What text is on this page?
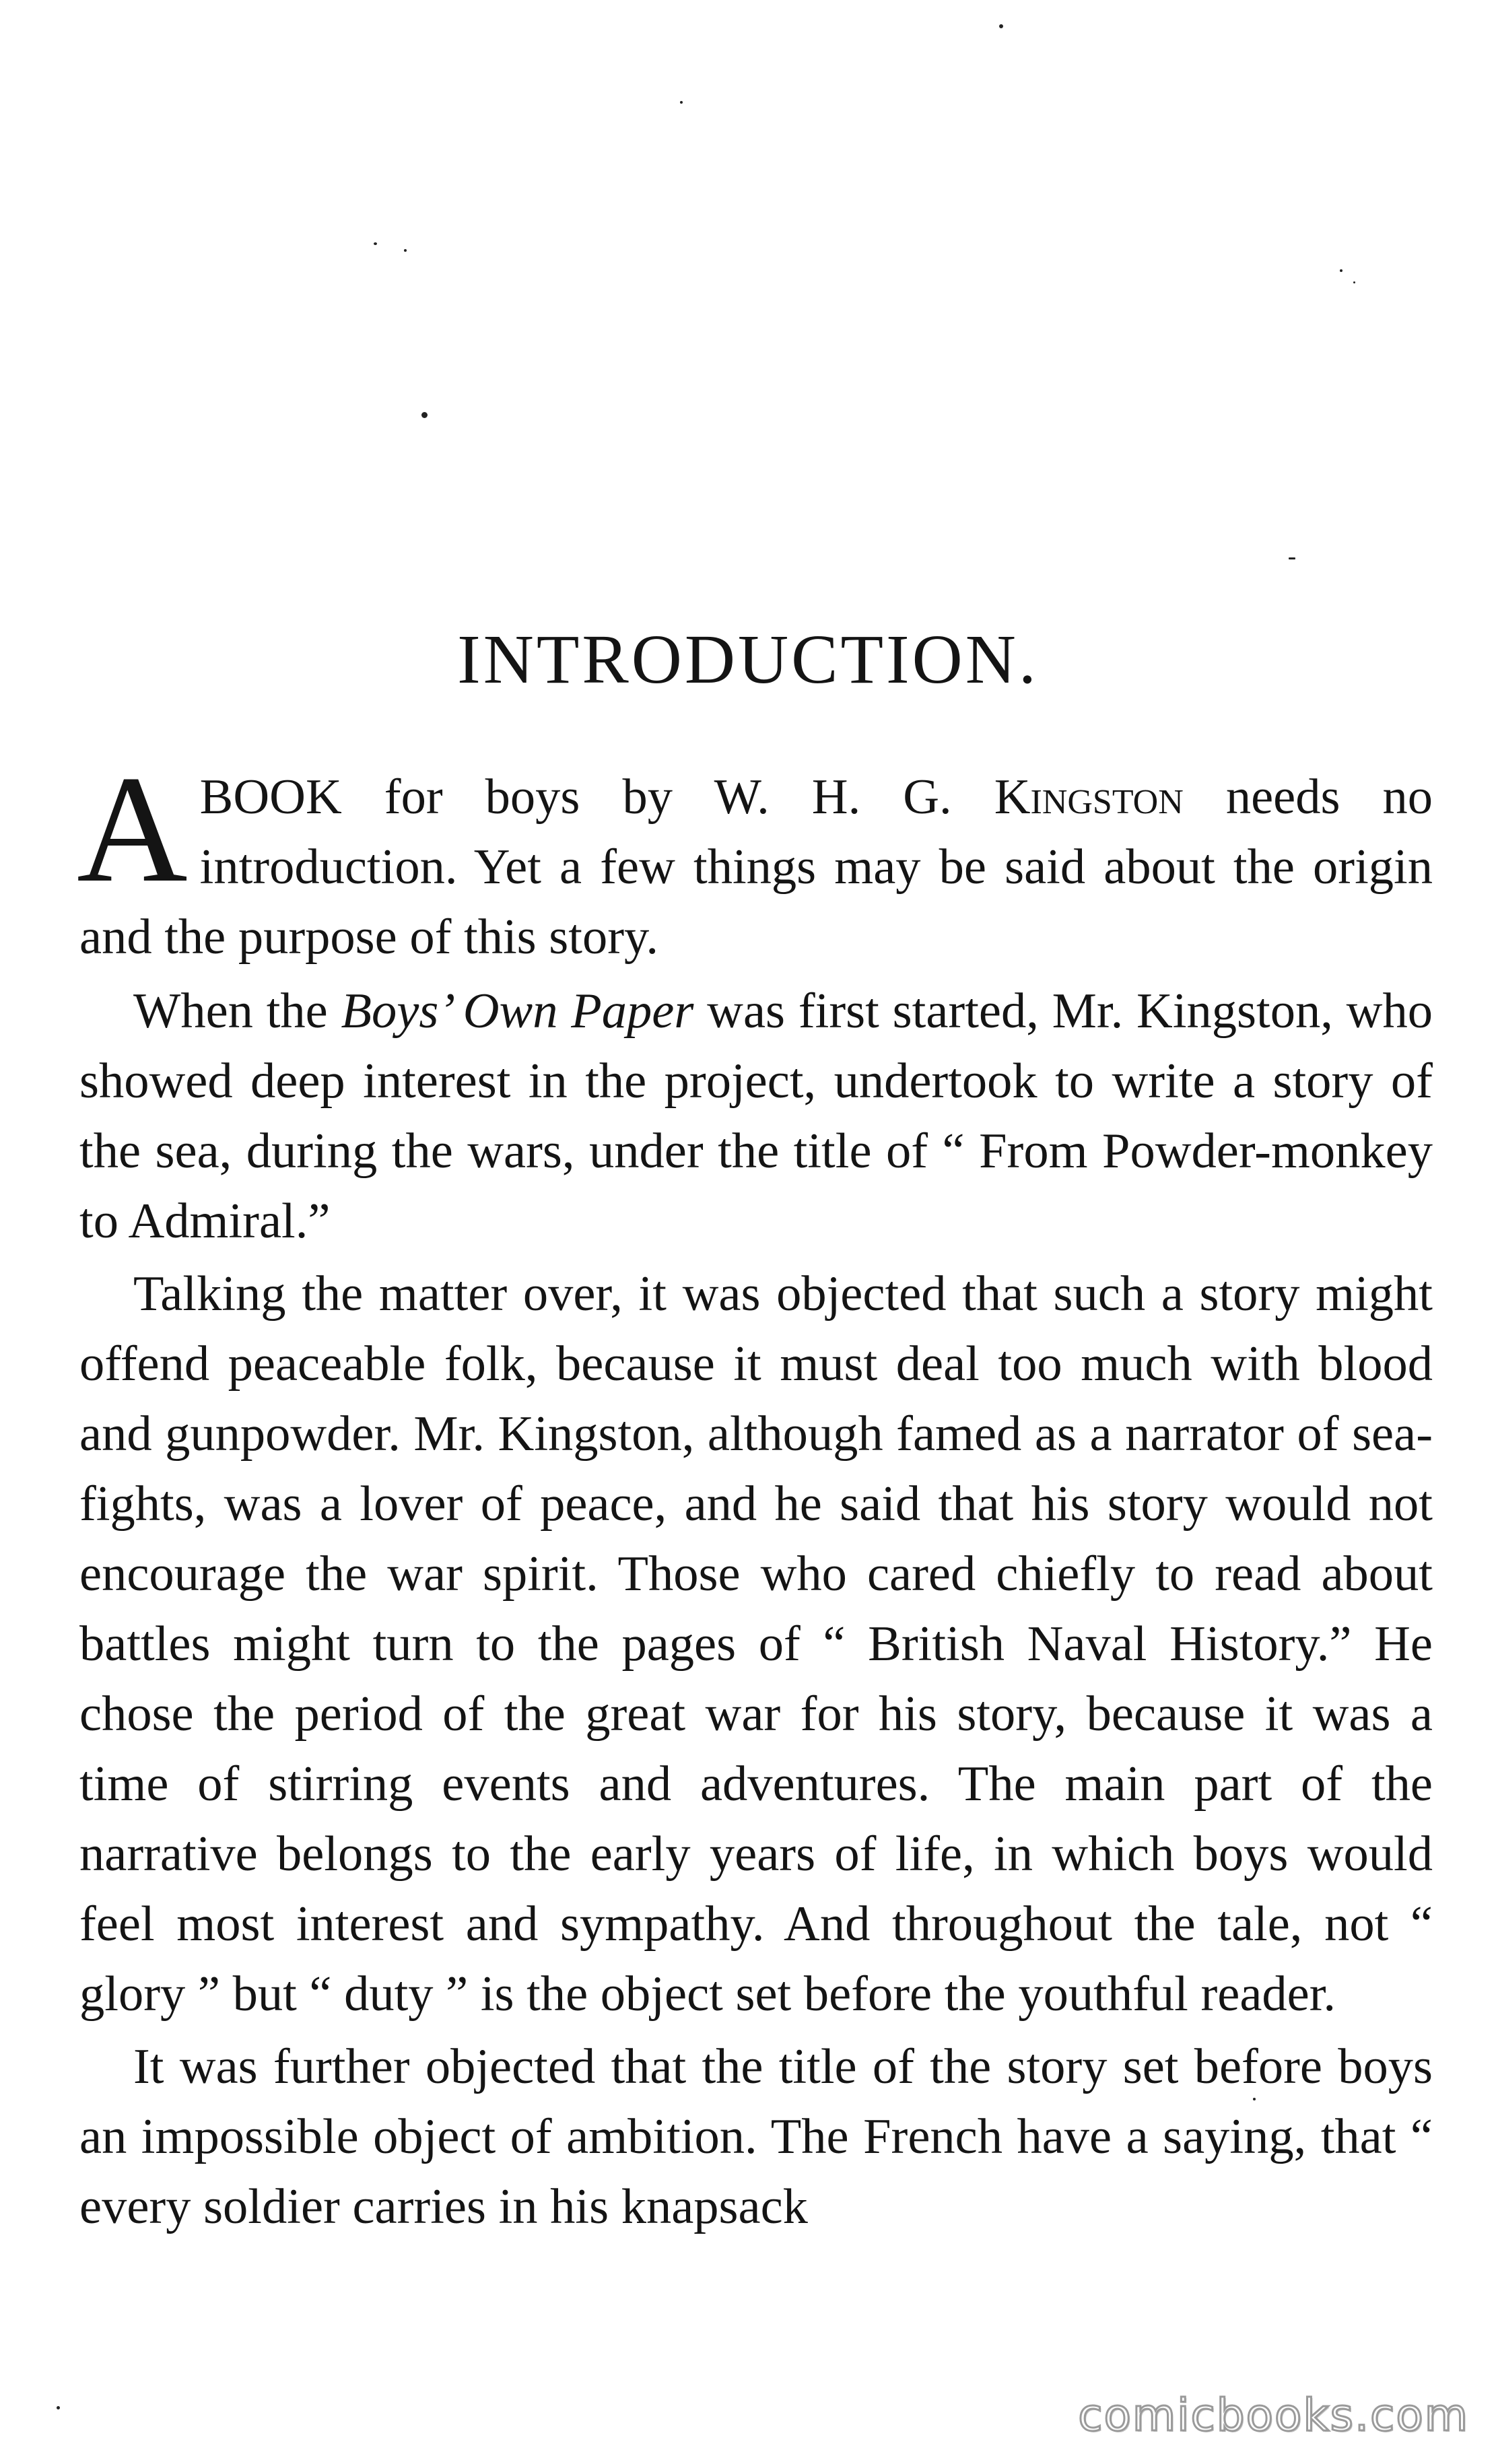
INTRODUCTION.

A BOOK for boys by W. H. G. Kingston needs no introduction. Yet a few things may be said about the origin and the purpose of this story.

When the Boys’ Own Paper was first started, Mr. Kingston, who showed deep interest in the project, undertook to write a story of the sea, during the wars, under the title of “ From Powder-monkey to Admiral.”

Talking the matter over, it was objected that such a story might offend peaceable folk, because it must deal too much with blood and gunpowder. Mr. Kingston, although famed as a narrator of sea-fights, was a lover of peace, and he said that his story would not encourage the war spirit. Those who cared chiefly to read about battles might turn to the pages of “ British Naval History.” He chose the period of the great war for his story, because it was a time of stirring events and adventures. The main part of the narrative belongs to the early years of life, in which boys would feel most interest and sympathy. And throughout the tale, not “ glory ” but “ duty ” is the object set before the youthful reader.

It was further objected that the title of the story set before boys an impossible object of ambition. The French have a saying, that “ every soldier carries in his knapsack

comicbooks.com
